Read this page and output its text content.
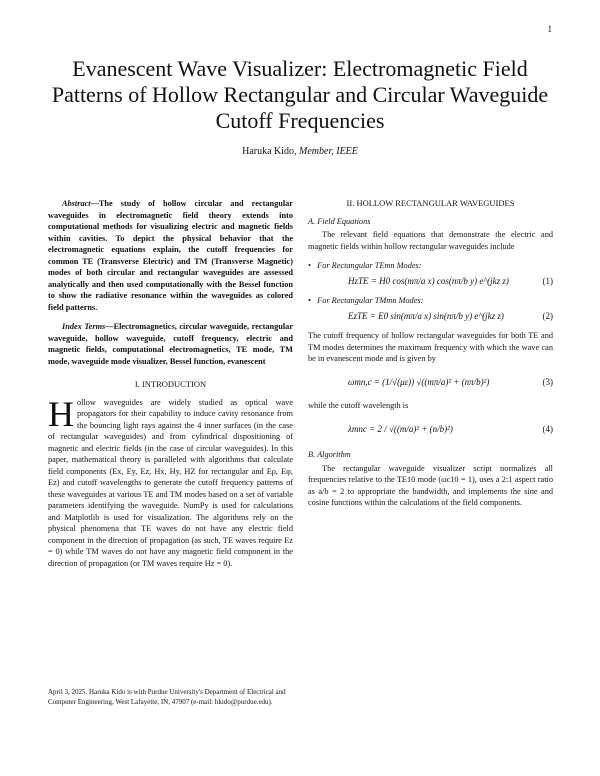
1
Evanescent Wave Visualizer: Electromagnetic Field Patterns of Hollow Rectangular and Circular Waveguide Cutoff Frequencies
Haruka Kido, Member, IEEE

Abstract—The study of hollow circular and rectangular waveguides in electromagnetic field theory extends into computational methods for visualizing electric and magnetic fields within cavities. To depict the physical behavior that the electromagnetic equations explain, the cutoff frequencies for common TE (Transverse Electric) and TM (Transverse Magnetic) modes of both circular and rectangular waveguides are assessed analytically and then used computationally with the Bessel function to show the radiative resonance within the waveguides as colored field patterns.

Index Terms—Electromagnetics, circular waveguide, rectangular waveguide, hollow waveguide, cutoff frequency, electric and magnetic fields, computational electromagnetics, TE mode, TM mode, waveguide mode visualizer, Bessel function, evanescent

I. INTRODUCTION

Hollow waveguides are widely studied as optical wave propagators for their capability to induce cavity resonance from the bouncing light rays against the 4 inner surfaces (in the case of rectangular waveguides) and from cylindrical dispositioning of magnetic and electric fields (in the case of circular waveguides). In this paper, mathematical theory is paralleled with algorithms that calculate field components (Ex, Ey, Ez, Hx, Hy, HZ for rectangular and Eρ, Eφ, Ez) and cutoff wavelengths to generate the cutoff frequency patterns of these waveguides at various TE and TM modes based on a set of variable parameters identifying the waveguide. NumPy is used for calculations and Matplotlib is used for visualization. The algorithms rely on the physical phenomena that TE waves do not have any electric field component in the direction of propagation (as such, TE waves require Ez = 0) while TM waves do not have any magnetic field component in the direction of propagation (or TM waves require Hz = 0).

April 3, 2025. Haruka Kido is with Purdue University's Department of Electrical and Computer Engineering, West Lafayette, IN, 47907 (e-mail: hkido@purdue.edu).
II. HOLLOW RECTANGULAR WAVEGUIDES
A. Field Equations

The relevant field equations that demonstrate the electric and magnetic fields within hollow rectangular waveguides include

•   For Rectangular TEmn Modes:
HzTE = H0 cos(mπ/a x) cos(nπ/b y) e^(jkz z)	(1)
•   For Rectangular TMmn Modes:
EzTE = E0 sin(mπ/a x) sin(nπ/b y) e^(jkz z)	(2)

The cutoff frequency of hollow rectangular waveguides for both TE and TM modes determines the maximum frequency with which the wave can be in evanescent mode and is given by

ωmn,c = (1/√(με)) √((mπ/a)² + (nπ/b)²)	(3)

while the cutoff wavelength is

λmnc = 2 / √((m/a)² + (n/b)²)	(4)
B. Algorithm

The rectangular waveguide visualizer script normalizes all frequencies relative to the TE10 mode (ωc10 = 1), uses a 2:1 aspect ratio as a/b = 2 to appropriate the bandwidth, and implements the sine and cosine functions within the calculations of the field components.
